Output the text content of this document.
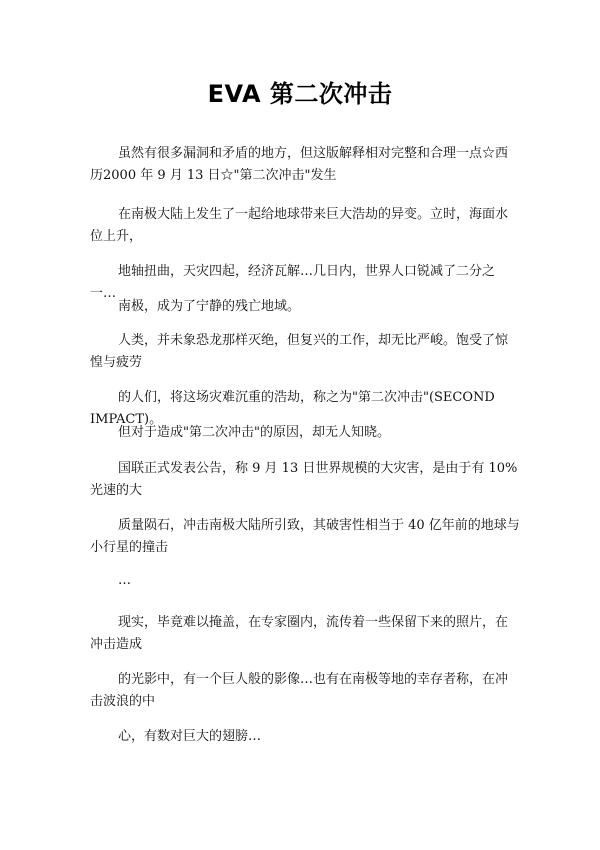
EVA 第二次冲击

虽然有很多漏洞和矛盾的地方，但这版解释相对完整和合理一点☆西历2000 年 9 月 13 日☆"第二次冲击"发生

在南极大陆上发生了一起给地球带来巨大浩劫的异变。立时，海面水位上升，

地轴扭曲，天灾四起，经济瓦解…几日内，世界人口锐减了二分之一…

南极，成为了宁静的残亡地域。

人类，并未象恐龙那样灭绝，但复兴的工作，却无比严峻。饱受了惊惶与疲劳

的人们，将这场灾难沉重的浩劫，称之为"第二次冲击"(SECOND IMPACT)。

但对于造成"第二次冲击"的原因，却无人知晓。

国联正式发表公告，称 9 月 13 日世界规模的大灾害，是由于有 10%光速的大

质量陨石，冲击南极大陆所引致，其破害性相当于 40 亿年前的地球与小行星的撞击

…

现实，毕竟难以掩盖，在专家圈内，流传着一些保留下来的照片，在冲击造成

的光影中，有一个巨人般的影像…也有在南极等地的幸存者称，在冲击波浪的中

心，有数对巨大的翅膀…
